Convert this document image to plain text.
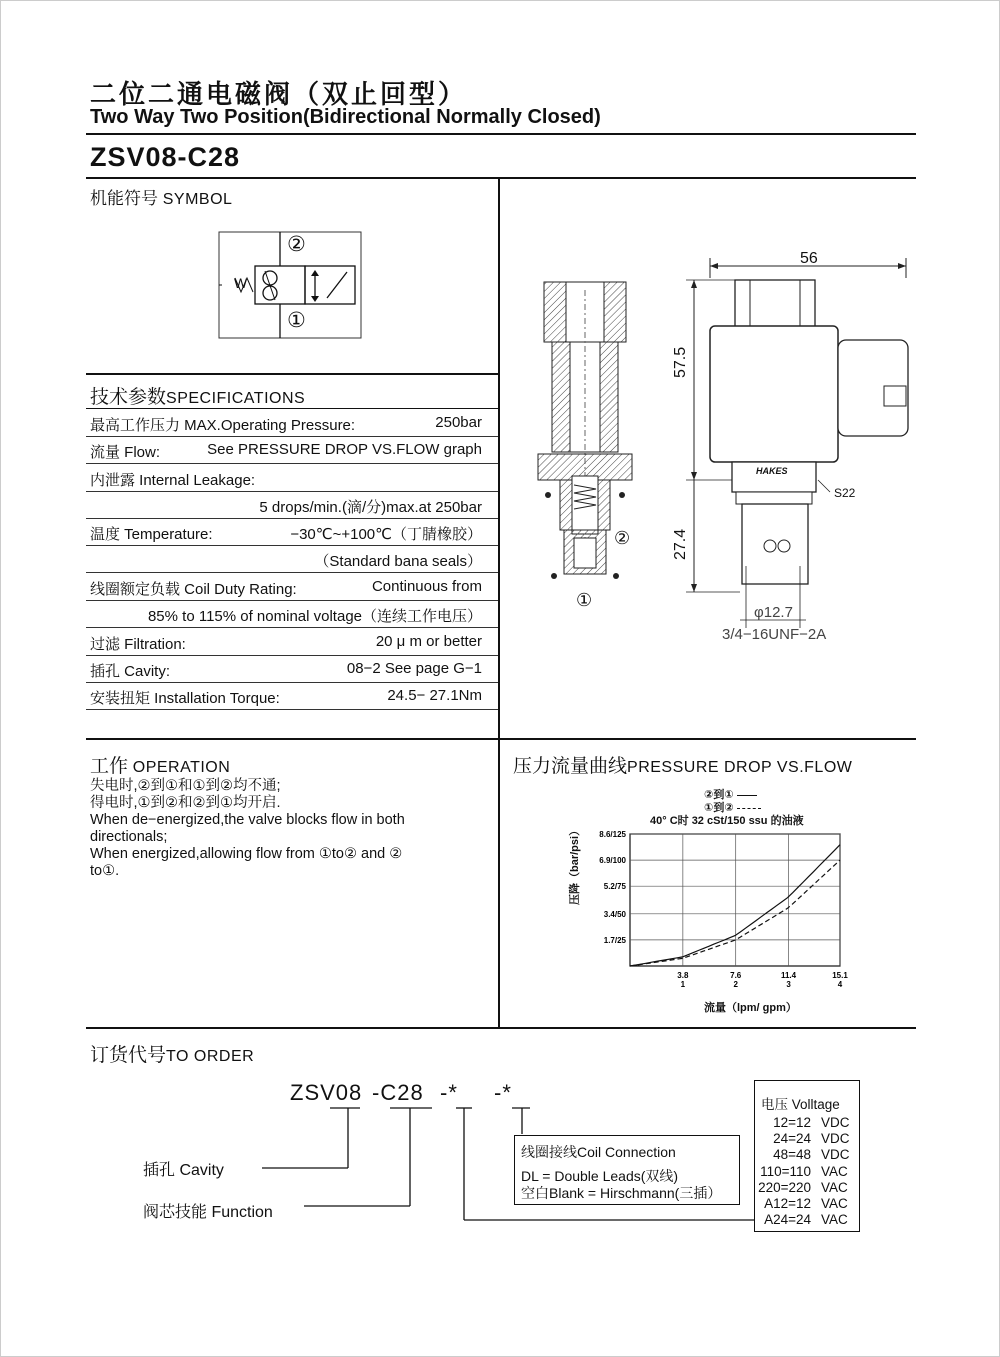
二位二通电磁阀（双止回型）
Two Way Two Position(Bidirectional Normally Closed)
ZSV08-C28
机能符号 SYMBOL
②
①
W
技术参数SPECIFICATIONS
最高工作压力 MAX.Operating Pressure:	250bar
流量 Flow:	See PRESSURE DROP VS.FLOW graph
内泄露 Internal Leakage:
5 drops/min.(滴/分)max.at 250bar
温度 Temperature:	−30℃~+100℃（丁腈橡胶）
（Standard bana seals）
线圈额定负载 Coil Duty Rating:	Continuous from
85% to 115% of nominal voltage（连续工作电压）
过滤 Filtration:	20 μ m or better
插孔 Cavity:	08−2 See page G−1
安装扭矩 Installation Torque:	24.5− 27.1Nm
②
①
56
57.5
27.4
S22
HAKES
φ12.7
3/4−16UNF−2A
工作 OPERATION
失电时,②到①和①到②均不通;
得电时,①到②和②到①均开启.
When de−energized,the valve blocks flow in both
directionals;
When energized,allowing flow from ①to② and ②
to①.
压力流量曲线PRESSURE DROP VS.FLOW
②到①
①到②
40° C时 32 cSt/150 ssu 的油液
压降（bar/psi）
流量（lpm/ gpm）
1.7/25
3.4/50
5.2/75
6.9/100
8.6/125
3.8
1
7.6
2
11.4
3
15.1
4
订货代号TO ORDER
ZSV08 -C28 -* -*
插孔 Cavity
阀芯技能 Function
线圈接线Coil Connection
DL = Double Leads(双线)
空白Blank = Hirschmann(三插）
电压 Volltage
12=12 VDC
24=24 VDC
48=48 VDC
110=110 VAC
220=220 VAC
A12=12 VAC
A24=24 VAC
